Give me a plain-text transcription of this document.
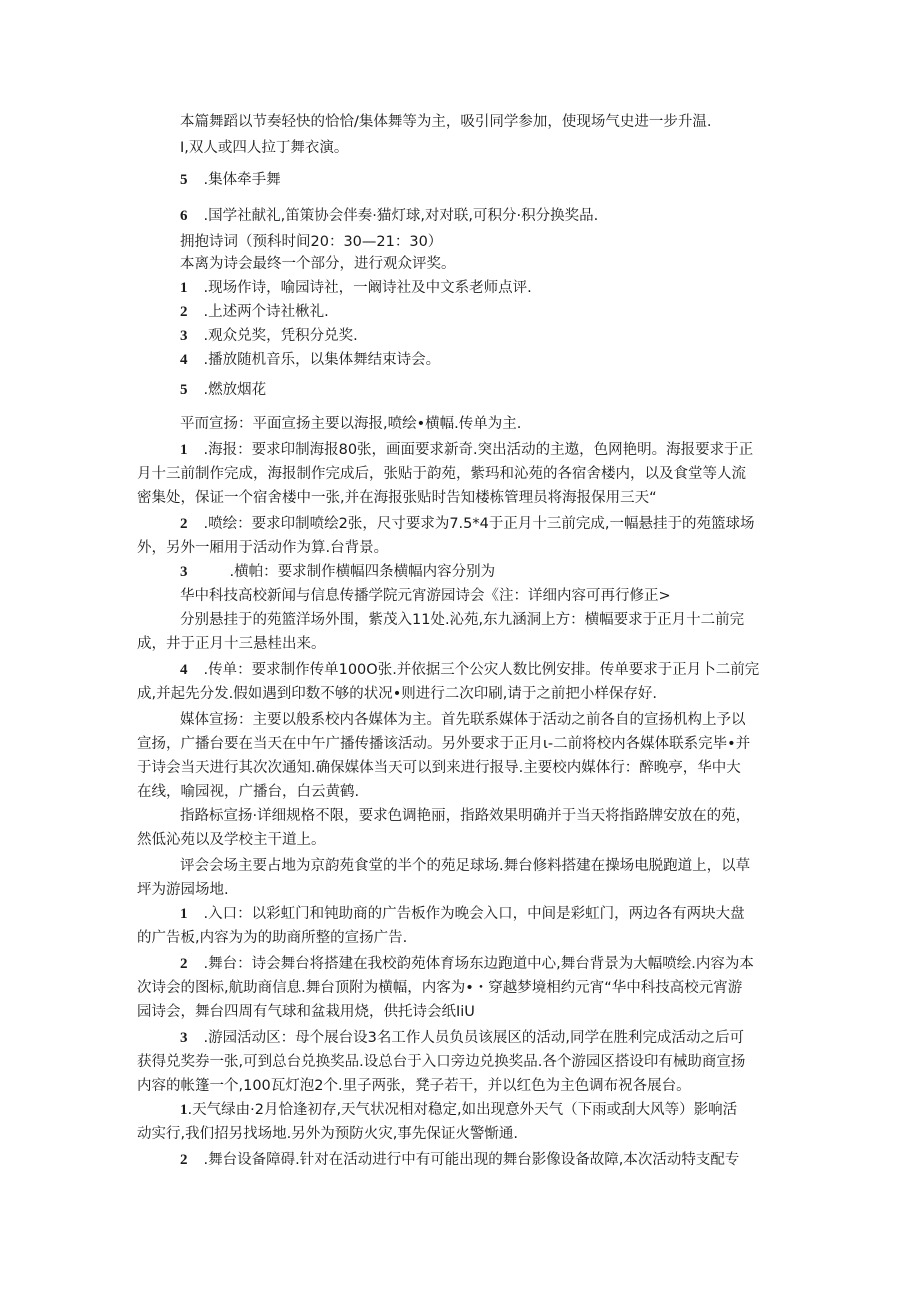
本篇舞蹈以节奏轻快的恰恰/集体舞等为主，吸引同学参加，使现场气史进一步升温.
I,双人或四人拉丁舞衣演。
5 .集体牵手舞
6 .国学社献礼,笛策协会伴奏·猫灯球,对对联,可积分·积分换奖品.
拥抱诗词（预科时间20：30—21：30）
本离为诗会最终一个部分，进行观众评奖。
1 .现场作诗，喻园诗社，一阚诗社及中文系老师点评.
2 .上述两个诗社楸礼.
3 .观众兑奖，凭积分兑奖.
4 .播放随机音乐，以集体舞结束诗会。
5 .燃放烟花
平而宣扬：平面宣扬主要以海报,喷绘•横幅.传单为主.
1 .海报：要求印制海报80张，画面要求新奇.突出活动的主遨，色网艳明。海报要求于正
月十三前制作完成，海报制作完成后，张贴于韵苑，紫玛和沁苑的各宿舍楼内，以及食堂等人流
密集处，保证一个宿舍楼中一张,并在海报张贴时告知楼栋管理员将海报保用三天“
2 .喷绘：要求印制喷绘2张，尺寸要求为7.5*4于正月十三前完成,一幅悬挂于的苑篮球场
外，另外一厢用于活动作为算.台背景。
3	.横帕：要求制作横幅四条横幅内容分别为
华中科技高校新闻与信息传播学院元宵游园诗会《注：详细内容可再行修正>
分别悬挂于的苑篮洋场外围，紫茂入11处.沁苑,东九涵洞上方：横幅要求于正月十二前完
成，井于正月十三悬桂出来。
4 .传单：要求制作传单100O张.并依据三个公灾人数比例安排。传单要求于正月卜二前完
成,并起先分发.假如遇到印数不够的状况•则进行二次印刷,请于之前把小样保存好.
媒体宣扬：主要以般系校内各媒体为主。首先联系媒体于活动之前各自的宣扬机构上予以
宣扬，广播台要在当天在中午广播传播该活动。另外要求于正月ι-二前将校内各媒体联系完毕•并
于诗会当天进行其次次通知.确保媒体当天可以到来进行报导.主要校内媒体行：醉晚亭，华中大
在线，喻园视，广播台，白云黄鹤.
指路标宣扬·详细规格不限，要求色调艳丽，指路效果明确并于当天将指路牌安放在的苑，
然低沁苑以及学校主干道上。
评会会场主要占地为京韵苑食堂的半个的苑足球场.舞台修料搭建在操场电脱跑道上，以草
坪为游园场地.
1 .入口：以彩虹门和钝助商的广告板作为晚会入口，中间是彩虹门，两边各有两块大盘
的广告板,内容为为的助商所整的宣扬广告.
2 .舞台：诗会舞台将搭建在我校韵苑体育场东边跑道中心,舞台背景为大幅喷绘.内容为本
次诗会的图标,航助商信息.舞台顶附为横幅，内客为•・穿越梦境相约元宵“华中科技高校元宵游
园诗会，舞台四周有气球和盆栽用烧，供托诗会纸IiU
3 .游园活动区：母个展台设3名工作人员负员该展区的活动,同学在胜利完成活动之后可
获得兑奖券一张,可到总台兑换奖品.设总台于入口旁边兑换奖品.各个游园区搭设印有械助商宣扬
内容的帐篷一个,100瓦灯泡2个.里子两张，凳子若干，并以红色为主色调布祝各展台。
1.天气绿由·2月恰逢初存,天气状况相对稳定,如出现意外天气（下雨或刮大风等）影响活
动实行,我们招另找场地.另外为预防火灾,事先保证火警惭通.
2 .舞台设备障碍.针对在活动进行中有可能出现的舞台影像设备故障,本次活动特支配专
